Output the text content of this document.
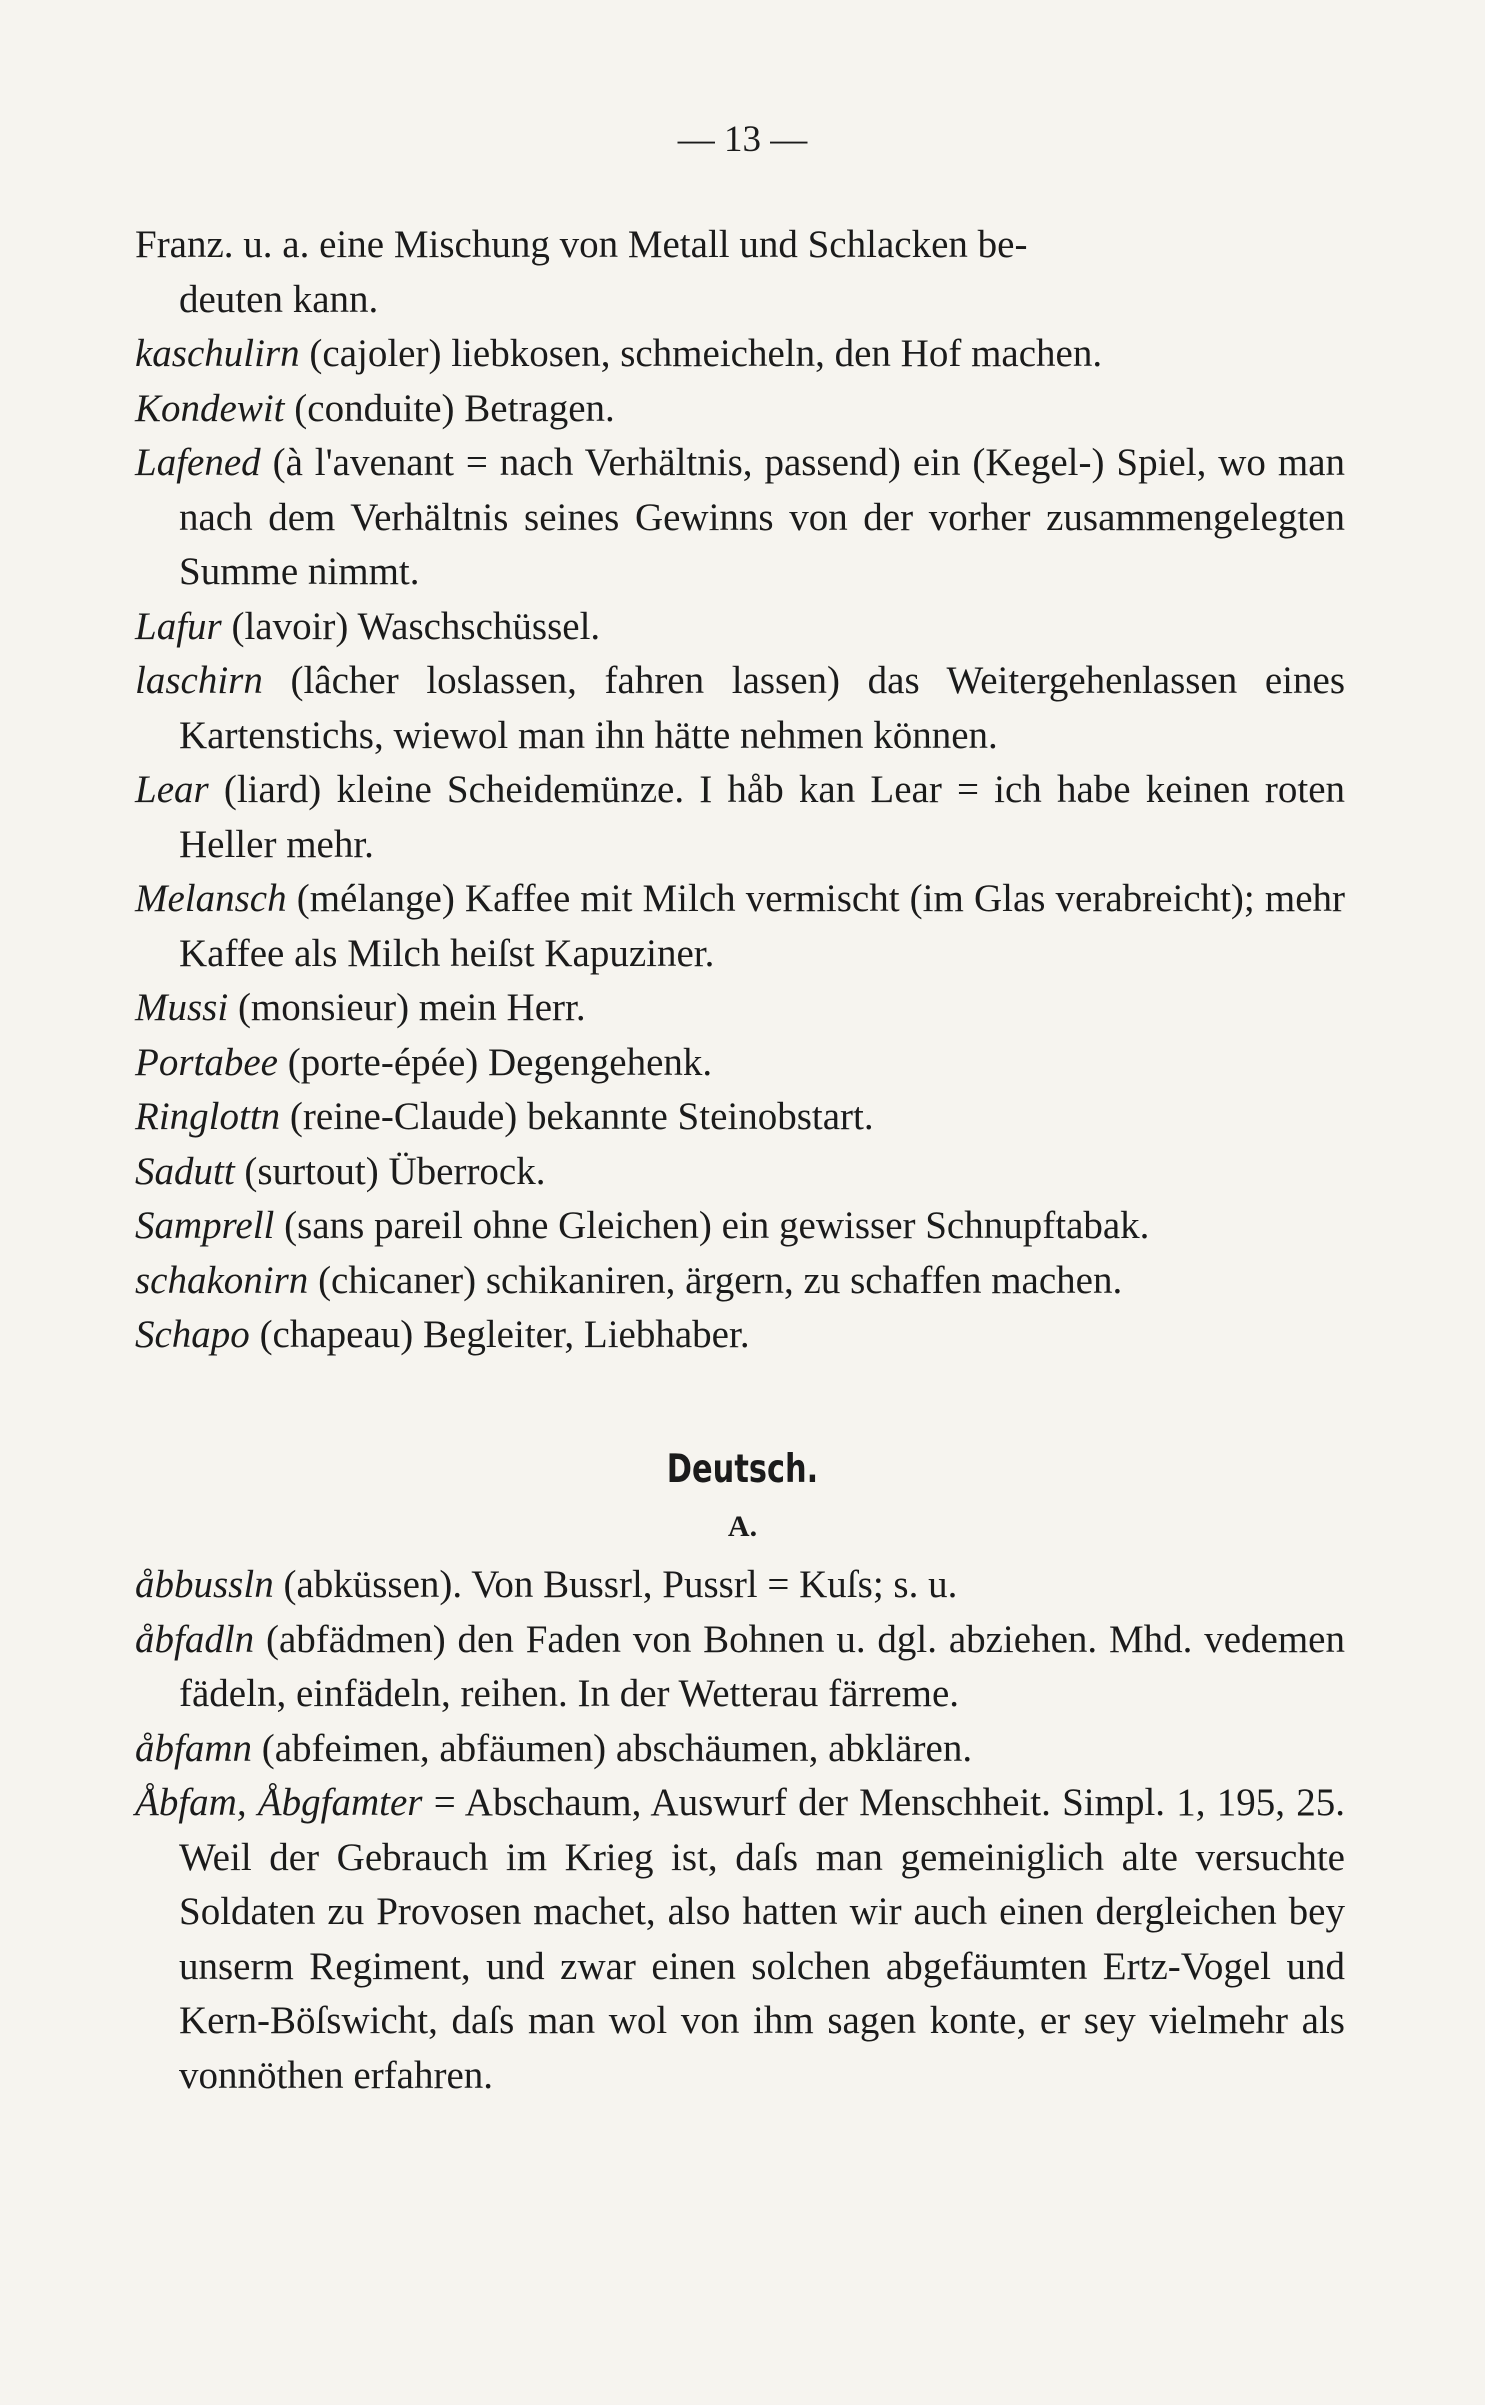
— 13 —
Franz. u. a. eine Mischung von Metall und Schlacken be-
deuten kann.
kaschulirn (cajoler) liebkosen, schmeicheln, den Hof machen.
Kondewit (conduite) Betragen.
Lafened (à l'avenant = nach Verhältnis, passend) ein (Kegel-) Spiel, wo man nach dem Verhältnis seines Gewinns von der vorher zusammengelegten Summe nimmt.
Lafur (lavoir) Waschschüssel.
laschirn (lâcher loslassen, fahren lassen) das Weitergehenlassen eines Kartenstichs, wiewol man ihn hätte nehmen können.
Lear (liard) kleine Scheidemünze. I håb kan Lear = ich habe keinen roten Heller mehr.
Melansch (mélange) Kaffee mit Milch vermischt (im Glas verabreicht); mehr Kaffee als Milch heiſst Kapuziner.
Mussi (monsieur) mein Herr.
Portabee (porte-épée) Degengehenk.
Ringlottn (reine-Claude) bekannte Steinobstart.
Sadutt (surtout) Überrock.
Samprell (sans pareil ohne Gleichen) ein gewisser Schnupftabak.
schakonirn (chicaner) schikaniren, ärgern, zu schaffen machen.
Schapo (chapeau) Begleiter, Liebhaber.
Deutsch.
A.
åbbussln (abküssen). Von Bussrl, Pussrl = Kuſs; s. u.
åbfadln (abfädmen) den Faden von Bohnen u. dgl. abziehen. Mhd. vedemen fädeln, einfädeln, reihen. In der Wetterau färreme.
åbfamn (abfeimen, abfäumen) abschäumen, abklären.
Åbfam, Åbgfamter = Abschaum, Auswurf der Menschheit. Simpl. 1, 195, 25. Weil der Gebrauch im Krieg ist, daſs man gemeiniglich alte versuchte Soldaten zu Provosen machet, also hatten wir auch einen dergleichen bey unserm Regiment, und zwar einen solchen abgefäumten Ertz-Vogel und Kern-Böſswicht, daſs man wol von ihm sagen konte, er sey vielmehr als vonnöthen erfahren.
